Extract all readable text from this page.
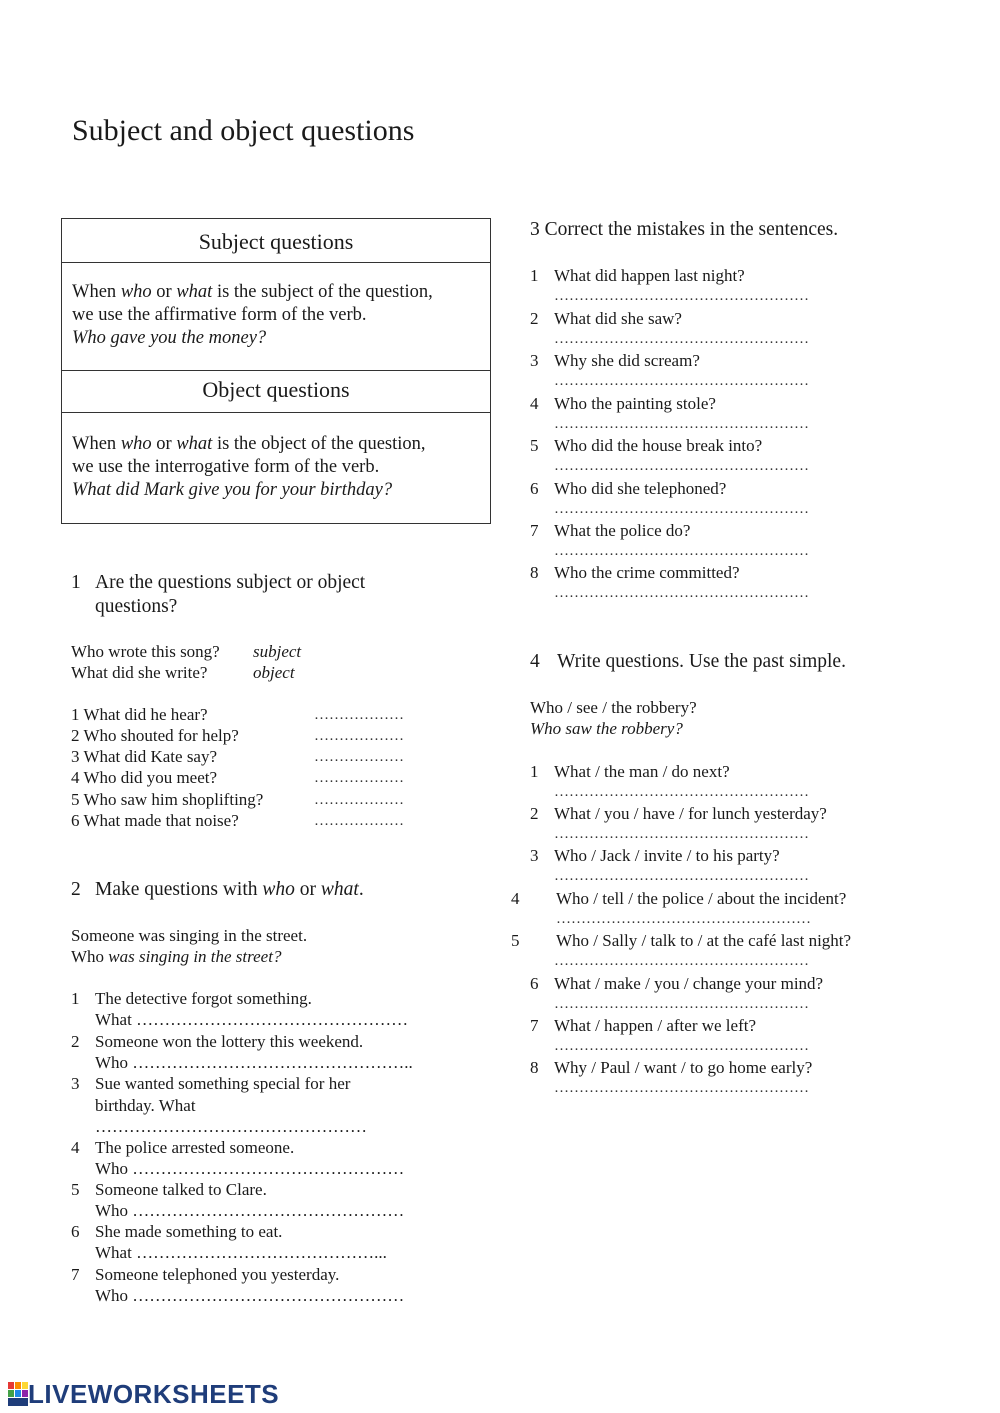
Subject and object questions
Subject questions
When who or what is the subject of the question,
we use the affirmative form of the verb.
Who gave you the money?
Object questions
When who or what is the object of the question,
we use the interrogative form of the verb.
What did Mark give you for your birthday?
1 Are the questions subject or object
questions?
Who wrote this song? subject
What did she write?	object
1 What did he hear?	………………
2 Who shouted for help?	………………
3 What did Kate say?	………………
4 Who did you meet?	………………
5 Who saw him shoplifting?	………………
6 What made that noise?	………………
2 Make questions with who or what.
Someone was singing in the street.
Who was singing in the street?
1 The detective forgot something.
What …………………………………………
2 Someone won the lottery this weekend.
Who …………………………………………..
3 Sue wanted something special for her
birthday. What
…………………………………………
4 The police arrested someone.
Who …………………………………………
5 Someone talked to Clare.
Who …………………………………………
6 She made something to eat.
What ……………………………………...
7 Someone telephoned you yesterday.
Who …………………………………………
3 Correct the mistakes in the sentences.
1 What did happen last night?
……………………………………………
2 What did she saw?
……………………………………………
3 Why she did scream?
……………………………………………
4 Who the painting stole?
……………………………………………
5 Who did the house break into?
……………………………………………
6 Who did she telephoned?
……………………………………………
7 What the police do?
……………………………………………
8 Who the crime committed?
……………………………………………
4 Write questions. Use the past simple.
Who / see / the robbery?
Who saw the robbery?
1 What / the man / do next?
……………………………………………
2 What / you / have / for lunch yesterday?
……………………………………………
3 Who / Jack / invite / to his party?
……………………………………………
4 Who / tell / the police / about the incident?
……………………………………………
5 Who / Sally / talk to / at the café last night?
……………………………………………
6 What / make / you / change your mind?
……………………………………………
7 What / happen / after we left?
……………………………………………
8 Why / Paul / want / to go home early?
……………………………………………
LIVEWORKSHEETS
